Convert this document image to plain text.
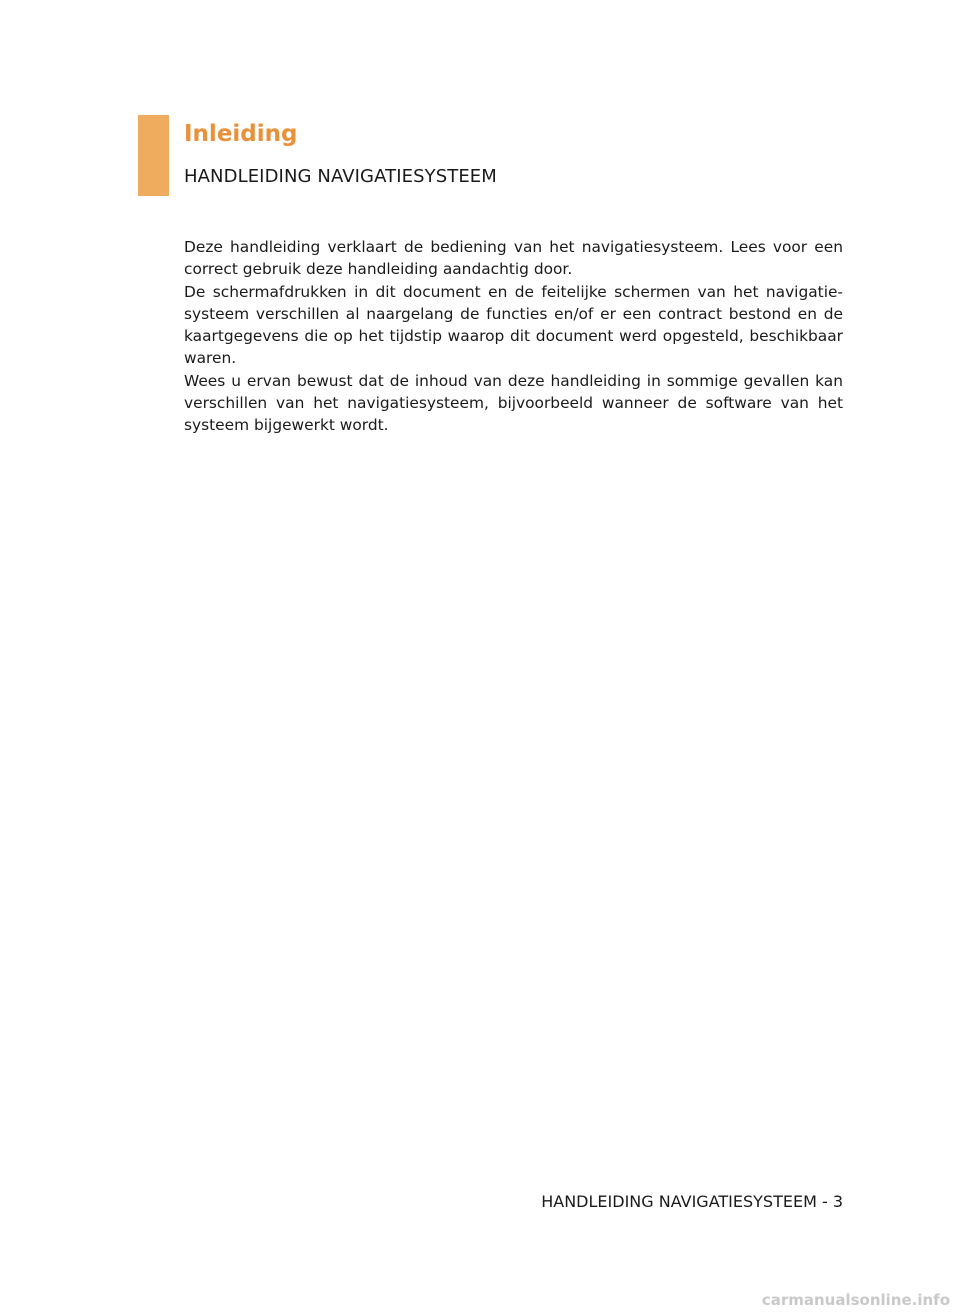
Inleiding
HANDLEIDING NAVIGATIESYSTEEM

Deze handleiding verklaart de bediening van het navigatiesysteem. Lees voor een correct gebruik deze handleiding aandachtig door.

De schermafdrukken in dit document en de feitelijke schermen van het navigatie-systeem verschillen al naargelang de functies en/of er een contract bestond en de kaartgegevens die op het tijdstip waarop dit document werd opgesteld, beschikbaar waren.

Wees u ervan bewust dat de inhoud van deze handleiding in sommige gevallen kan verschillen van het navigatiesysteem, bijvoorbeeld wanneer de software van het systeem bijgewerkt wordt.

HANDLEIDING NAVIGATIESYSTEEM - 3
carmanualsonline.info
